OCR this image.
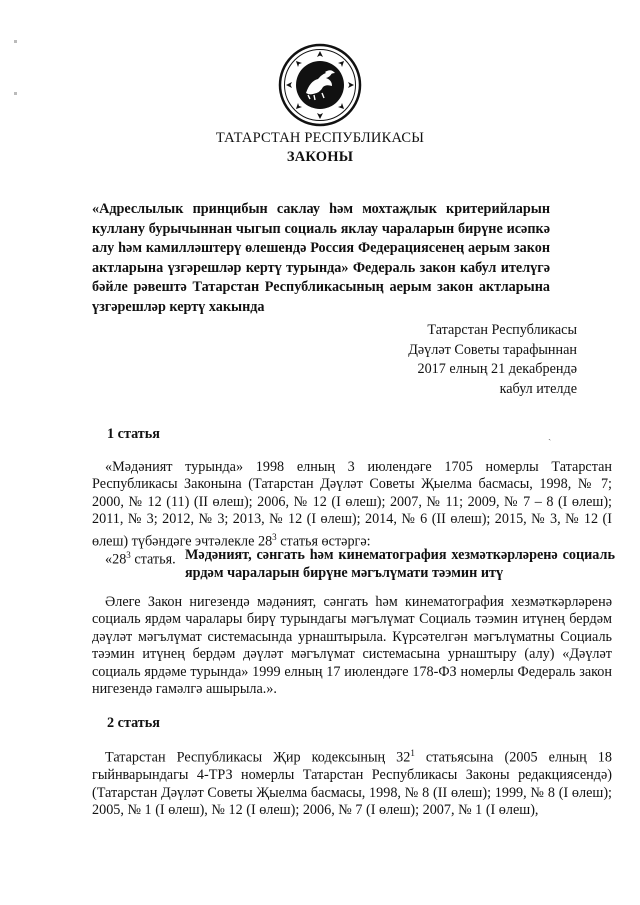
ТАТАРСТАН РЕСПУБЛИКАСЫ
ЗАКОНЫ
«Адреслылык принцибын саклау һәм мохтаҗлык критерийларын куллану бурычыннан чыгып социаль яклау чараларын бирүне исәпкә алу һәм камилләштерү өлешендә Россия Федерациясенең аерым закон актларына үзгәрешләр кертү турында» Федераль закон кабул ителүгә бәйле рәвештә Татарстан Республикасының аерым закон актларына үзгәрешләр кертү хакында
Татарстан Республикасы
Дәүләт Советы тарафыннан
2017 елның 21 декабрендә
кабул ителде
1 статья	ˏ
«Мәдәният турында» 1998 елның 3 июлендәге 1705 номерлы Татарстан Республикасы Законына (Татарстан Дәүләт Советы Җыелма басмасы, 1998, № 7; 2000, № 12 (11) (II өлеш); 2006, № 12 (I өлеш); 2007, № 11; 2009, № 7 – 8 (I өлеш); 2011, № 3; 2012, № 3; 2013, № 12 (I өлеш); 2014, № 6 (II өлеш); 2015, № 3, № 12 (I өлеш) түбәндәге эчтәлекле $28^3$ статья өстәргә:
«$28^3$ статья. Мәдәният, сәнгать һәм кинематография хезмәткәрләренә социаль ярдәм чараларын бирүнe мәгълүмати тәэмин итү
Әлеге Закон нигезендә мәдәният, сәнгать һәм кинематография хезмәткәрләренә социаль ярдәм чаралары бирү турындагы мәгълүмат Социаль тәэмин итүнең бердәм дәүләт мәгълүмат системасында урнаштырыла. Күрсәтелгән мәгълүматны Социаль тәэмин итүнең бердәм дәүләт мәгълүмат системасына урнаштыру (алу) «Дәүләт социаль ярдәме турында» 1999 елның 17 июлендәге 178-ФЗ номерлы Федераль закон нигезендә гамәлгә ашырыла.».
2 статья
Татарстан Республикасы Җир кодексының $32^1$ статьясына (2005 елның 18 гыйнварындагы 4-ТРЗ номерлы Татарстан Республикасы Законы редакциясендә) (Татарстан Дәүләт Советы Җыелма басмасы, 1998, № 8 (II өлеш); 1999, № 8 (I өлеш); 2005, № 1 (I өлеш), № 12 (I өлеш); 2006, № 7 (I өлеш); 2007, № 1 (I өлеш),
